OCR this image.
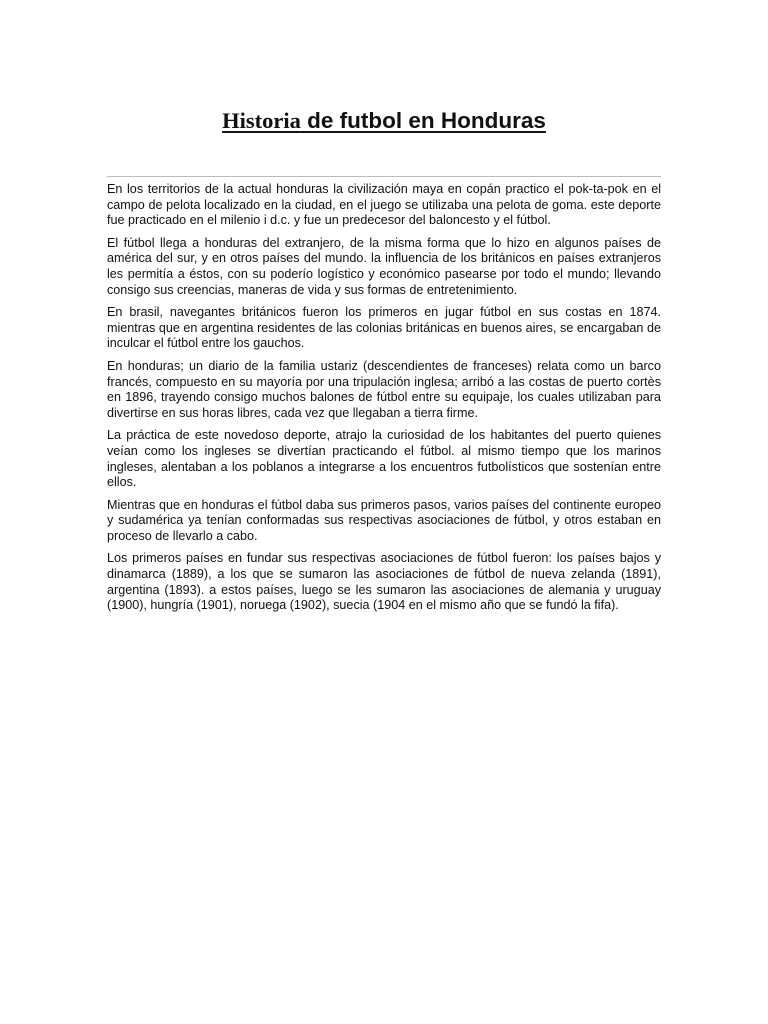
Historia de futbol en Honduras

En los territorios de la actual honduras la civilización maya en copán practico el pok-ta-pok en el campo de pelota localizado en la ciudad, en el juego se utilizaba una pelota de goma. este deporte fue practicado en el milenio i d.c. y fue un predecesor del baloncesto y el fútbol.

El fútbol llega a honduras del extranjero, de la misma forma que lo hizo en algunos países de américa del sur, y en otros países del mundo. la influencia de los británicos en países extranjeros les permitía a éstos, con su poderío logístico y económico pasearse por todo el mundo; llevando consigo sus creencias, maneras de vida y sus formas de entretenimiento.

En brasil, navegantes británicos fueron los primeros en jugar fútbol en sus costas en 1874. mientras que en argentina residentes de las colonias británicas en buenos aires, se encargaban de inculcar el fútbol entre los gauchos.

En honduras; un diario de la familia ustariz (descendientes de franceses) relata como un barco francés, compuesto en su mayoría por una tripulación inglesa; arribó a las costas de puerto cortès en 1896, trayendo consigo muchos balones de fútbol entre su equipaje, los cuales utilizaban para divertirse en sus horas libres, cada vez que llegaban a tierra firme.

La práctica de este novedoso deporte, atrajo la curiosidad de los habitantes del puerto quienes veían como los ingleses se divertían practicando el fútbol. al mismo tiempo que los marinos ingleses, alentaban a los poblanos a integrarse a los encuentros futbolísticos que sostenían entre ellos.

Mientras que en honduras el fútbol daba sus primeros pasos, varios países del continente europeo y sudamérica ya tenían conformadas sus respectivas asociaciones de fútbol, y otros estaban en proceso de llevarlo a cabo.

Los primeros países en fundar sus respectivas asociaciones de fútbol fueron: los países bajos y dinamarca (1889), a los que se sumaron las asociaciones de fútbol de nueva zelanda (1891), argentina (1893). a estos países, luego se les sumaron las asociaciones de alemania y uruguay (1900), hungría (1901), noruega (1902), suecia (1904 en el mismo año que se fundó la fifa).
